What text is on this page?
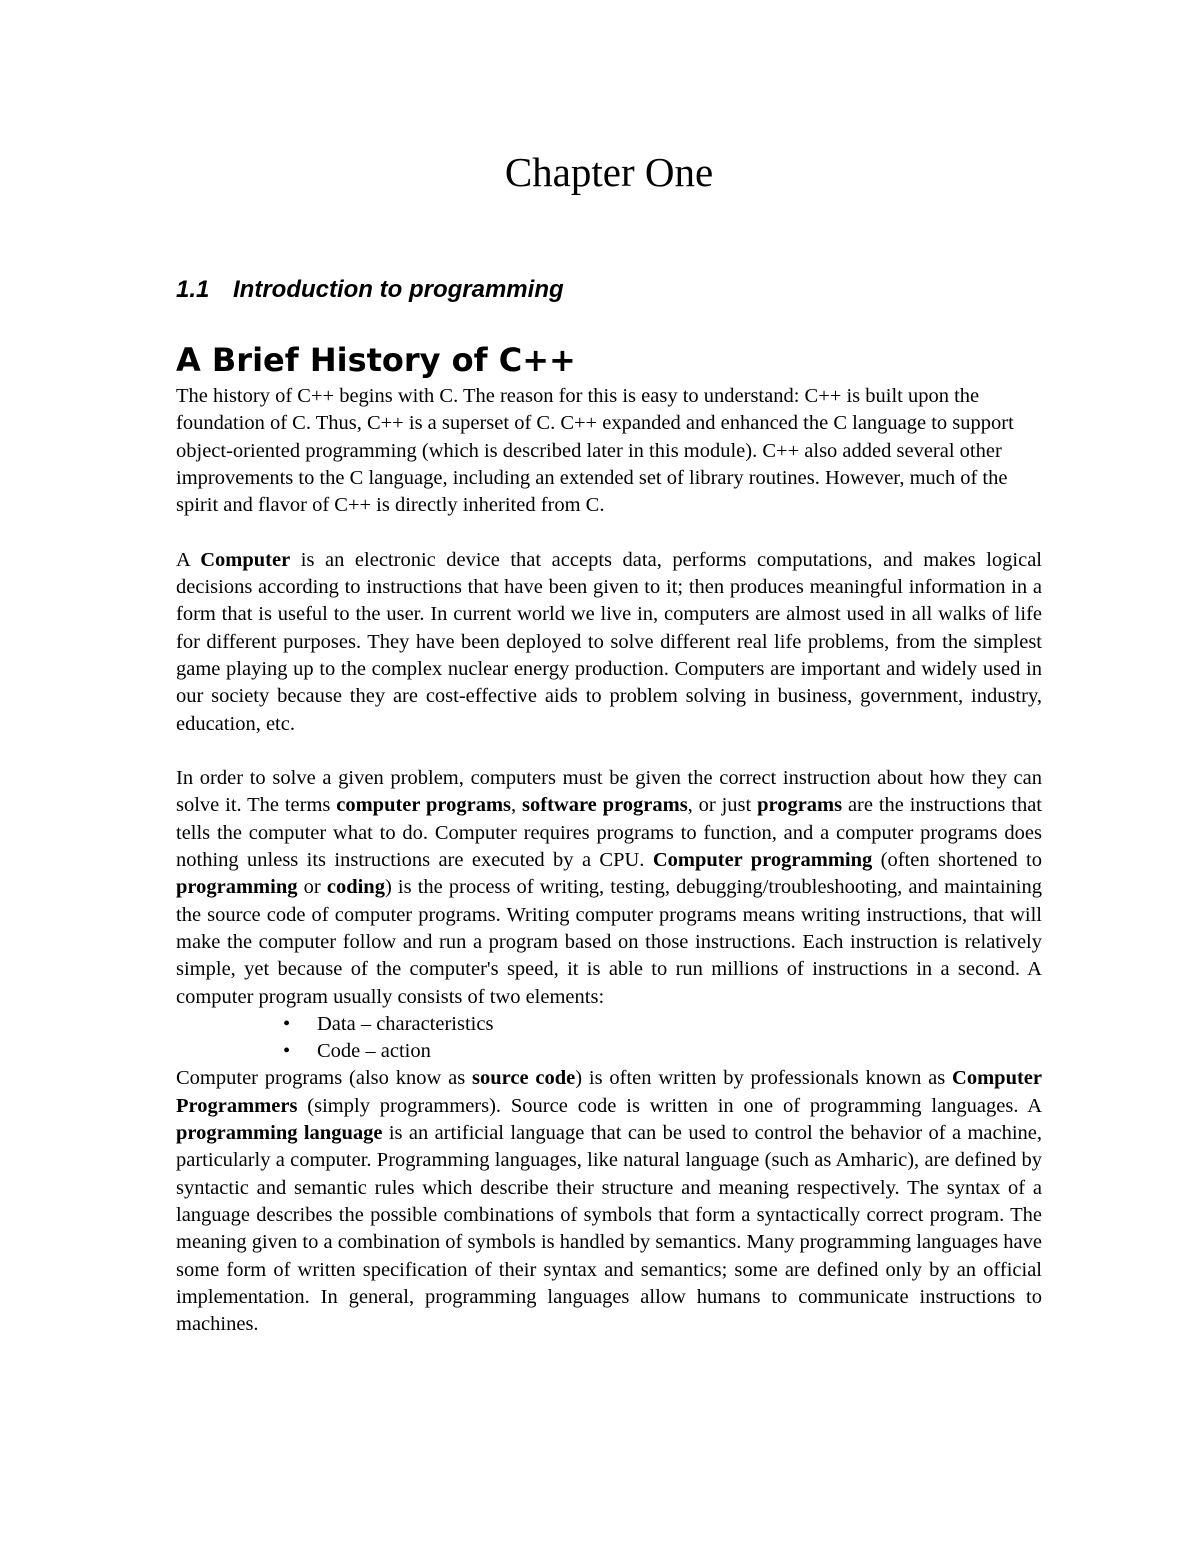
Chapter One
1.1 Introduction to programming
A Brief History of C++

The history of C++ begins with C. The reason for this is easy to understand: C++ is built upon the foundation of C. Thus, C++ is a superset of C. C++ expanded and enhanced the C language to support object-oriented programming (which is described later in this module). C++ also added several other improvements to the C language, including an extended set of library routines. However, much of the spirit and flavor of C++ is directly inherited from C.

A Computer is an electronic device that accepts data, performs computations, and makes logical decisions according to instructions that have been given to it; then produces meaningful information in a form that is useful to the user. In current world we live in, computers are almost used in all walks of life for different purposes. They have been deployed to solve different real life problems, from the simplest game playing up to the complex nuclear energy production. Computers are important and widely used in our society because they are cost-effective aids to problem solving in business, government, industry, education, etc.

In order to solve a given problem, computers must be given the correct instruction about how they can solve it. The terms computer programs, software programs, or just programs are the instructions that tells the computer what to do. Computer requires programs to function, and a computer programs does nothing unless its instructions are executed by a CPU. Computer programming (often shortened to programming or coding) is the process of writing, testing, debugging/troubleshooting, and maintaining the source code of computer programs. Writing computer programs means writing instructions, that will make the computer follow and run a program based on those instructions. Each instruction is relatively simple, yet because of the computer's speed, it is able to run millions of instructions in a second. A computer program usually consists of two elements:

• Data – characteristics
• Code – action

Computer programs (also know as source code) is often written by professionals known as Computer Programmers (simply programmers). Source code is written in one of programming languages. A programming language is an artificial language that can be used to control the behavior of a machine, particularly a computer. Programming languages, like natural language (such as Amharic), are defined by syntactic and semantic rules which describe their structure and meaning respectively. The syntax of a language describes the possible combinations of symbols that form a syntactically correct program. The meaning given to a combination of symbols is handled by semantics. Many programming languages have some form of written specification of their syntax and semantics; some are defined only by an official implementation. In general, programming languages allow humans to communicate instructions to machines.
